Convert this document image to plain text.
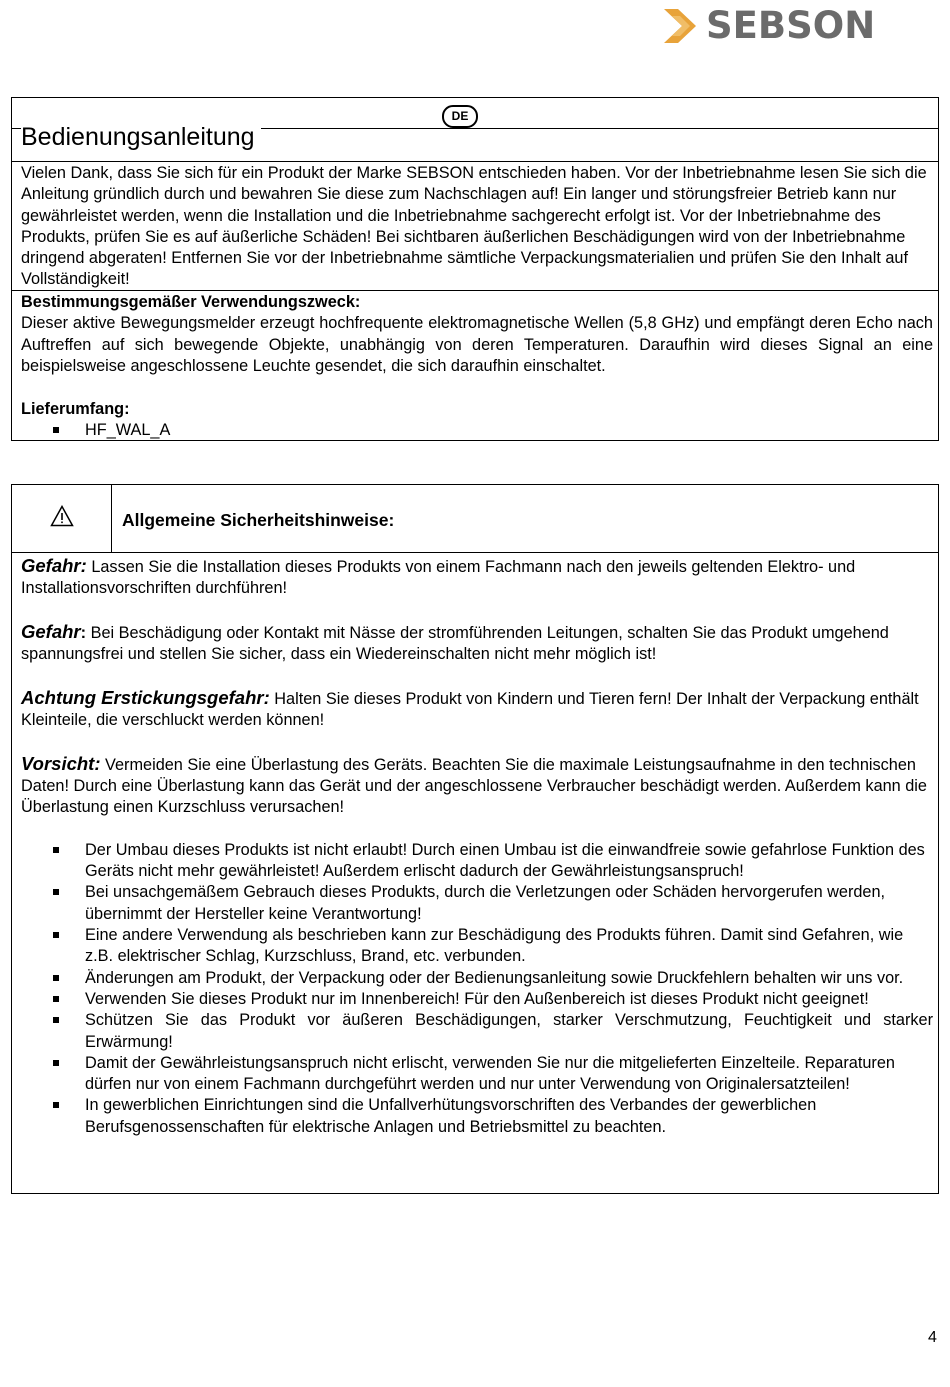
SEBSON
Bedienungsanleitung
DE
Vielen Dank, dass Sie sich für ein Produkt der Marke SEBSON entschieden haben. Vor der Inbetriebnahme lesen Sie sich die Anleitung gründlich durch und bewahren Sie diese zum Nachschlagen auf! Ein langer und störungsfreier Betrieb kann nur gewährleistet werden, wenn die Installation und die Inbetriebnahme sachgerecht erfolgt ist. Vor der Inbetriebnahme des Produkts, prüfen Sie es auf äußerliche Schäden! Bei sichtbaren äußerlichen Beschädigungen wird von der Inbetriebnahme dringend abgeraten! Entfernen Sie vor der Inbetriebnahme sämtliche Verpackungsmaterialien und prüfen Sie den Inhalt auf Vollständigkeit!
Bestimmungsgemäßer Verwendungszweck:
Dieser aktive Bewegungsmelder erzeugt hochfrequente elektromagnetische Wellen (5,8 GHz) und empfängt deren Echo nach Auftreffen auf sich bewegende Objekte, unabhängig von deren Temperaturen. Daraufhin wird dieses Signal an eine beispielsweise angeschlossene Leuchte gesendet, die sich daraufhin einschaltet.
Lieferumfang:
HF_WAL_A
Allgemeine Sicherheitshinweise:

Gefahr: Lassen Sie die Installation dieses Produkts von einem Fachmann nach den jeweils geltenden Elektro- und Installationsvorschriften durchführen!

Gefahr: Bei Beschädigung oder Kontakt mit Nässe der stromführenden Leitungen, schalten Sie das Produkt umgehend spannungsfrei und stellen Sie sicher, dass ein Wiedereinschalten nicht mehr möglich ist!

Achtung Erstickungsgefahr: Halten Sie dieses Produkt von Kindern und Tieren fern! Der Inhalt der Verpackung enthält Kleinteile, die verschluckt werden können!

Vorsicht: Vermeiden Sie eine Überlastung des Geräts. Beachten Sie die maximale Leistungsaufnahme in den technischen Daten! Durch eine Überlastung kann das Gerät und der angeschlossene Verbraucher beschädigt werden. Außerdem kann die Überlastung einen Kurzschluss verursachen!

Der Umbau dieses Produkts ist nicht erlaubt! Durch einen Umbau ist die einwandfreie sowie gefahrlose Funktion des Geräts nicht mehr gewährleistet! Außerdem erlischt dadurch der Gewährleistungsanspruch!
Bei unsachgemäßem Gebrauch dieses Produkts, durch die Verletzungen oder Schäden hervorgerufen werden, übernimmt der Hersteller keine Verantwortung!
Eine andere Verwendung als beschrieben kann zur Beschädigung des Produkts führen. Damit sind Gefahren, wie z.B. elektrischer Schlag, Kurzschluss, Brand, etc. verbunden.
Änderungen am Produkt, der Verpackung oder der Bedienungsanleitung sowie Druckfehlern behalten wir uns vor.
Verwenden Sie dieses Produkt nur im Innenbereich! Für den Außenbereich ist dieses Produkt nicht geeignet!
Schützen Sie das Produkt vor äußeren Beschädigungen, starker Verschmutzung, Feuchtigkeit und starker Erwärmung!
Damit der Gewährleistungsanspruch nicht erlischt, verwenden Sie nur die mitgelieferten Einzelteile. Reparaturen dürfen nur von einem Fachmann durchgeführt werden und nur unter Verwendung von Originalersatzteilen!
In gewerblichen Einrichtungen sind die Unfallverhütungsvorschriften des Verbandes der gewerblichen Berufsgenossenschaften für elektrische Anlagen und Betriebsmittel zu beachten.
4
